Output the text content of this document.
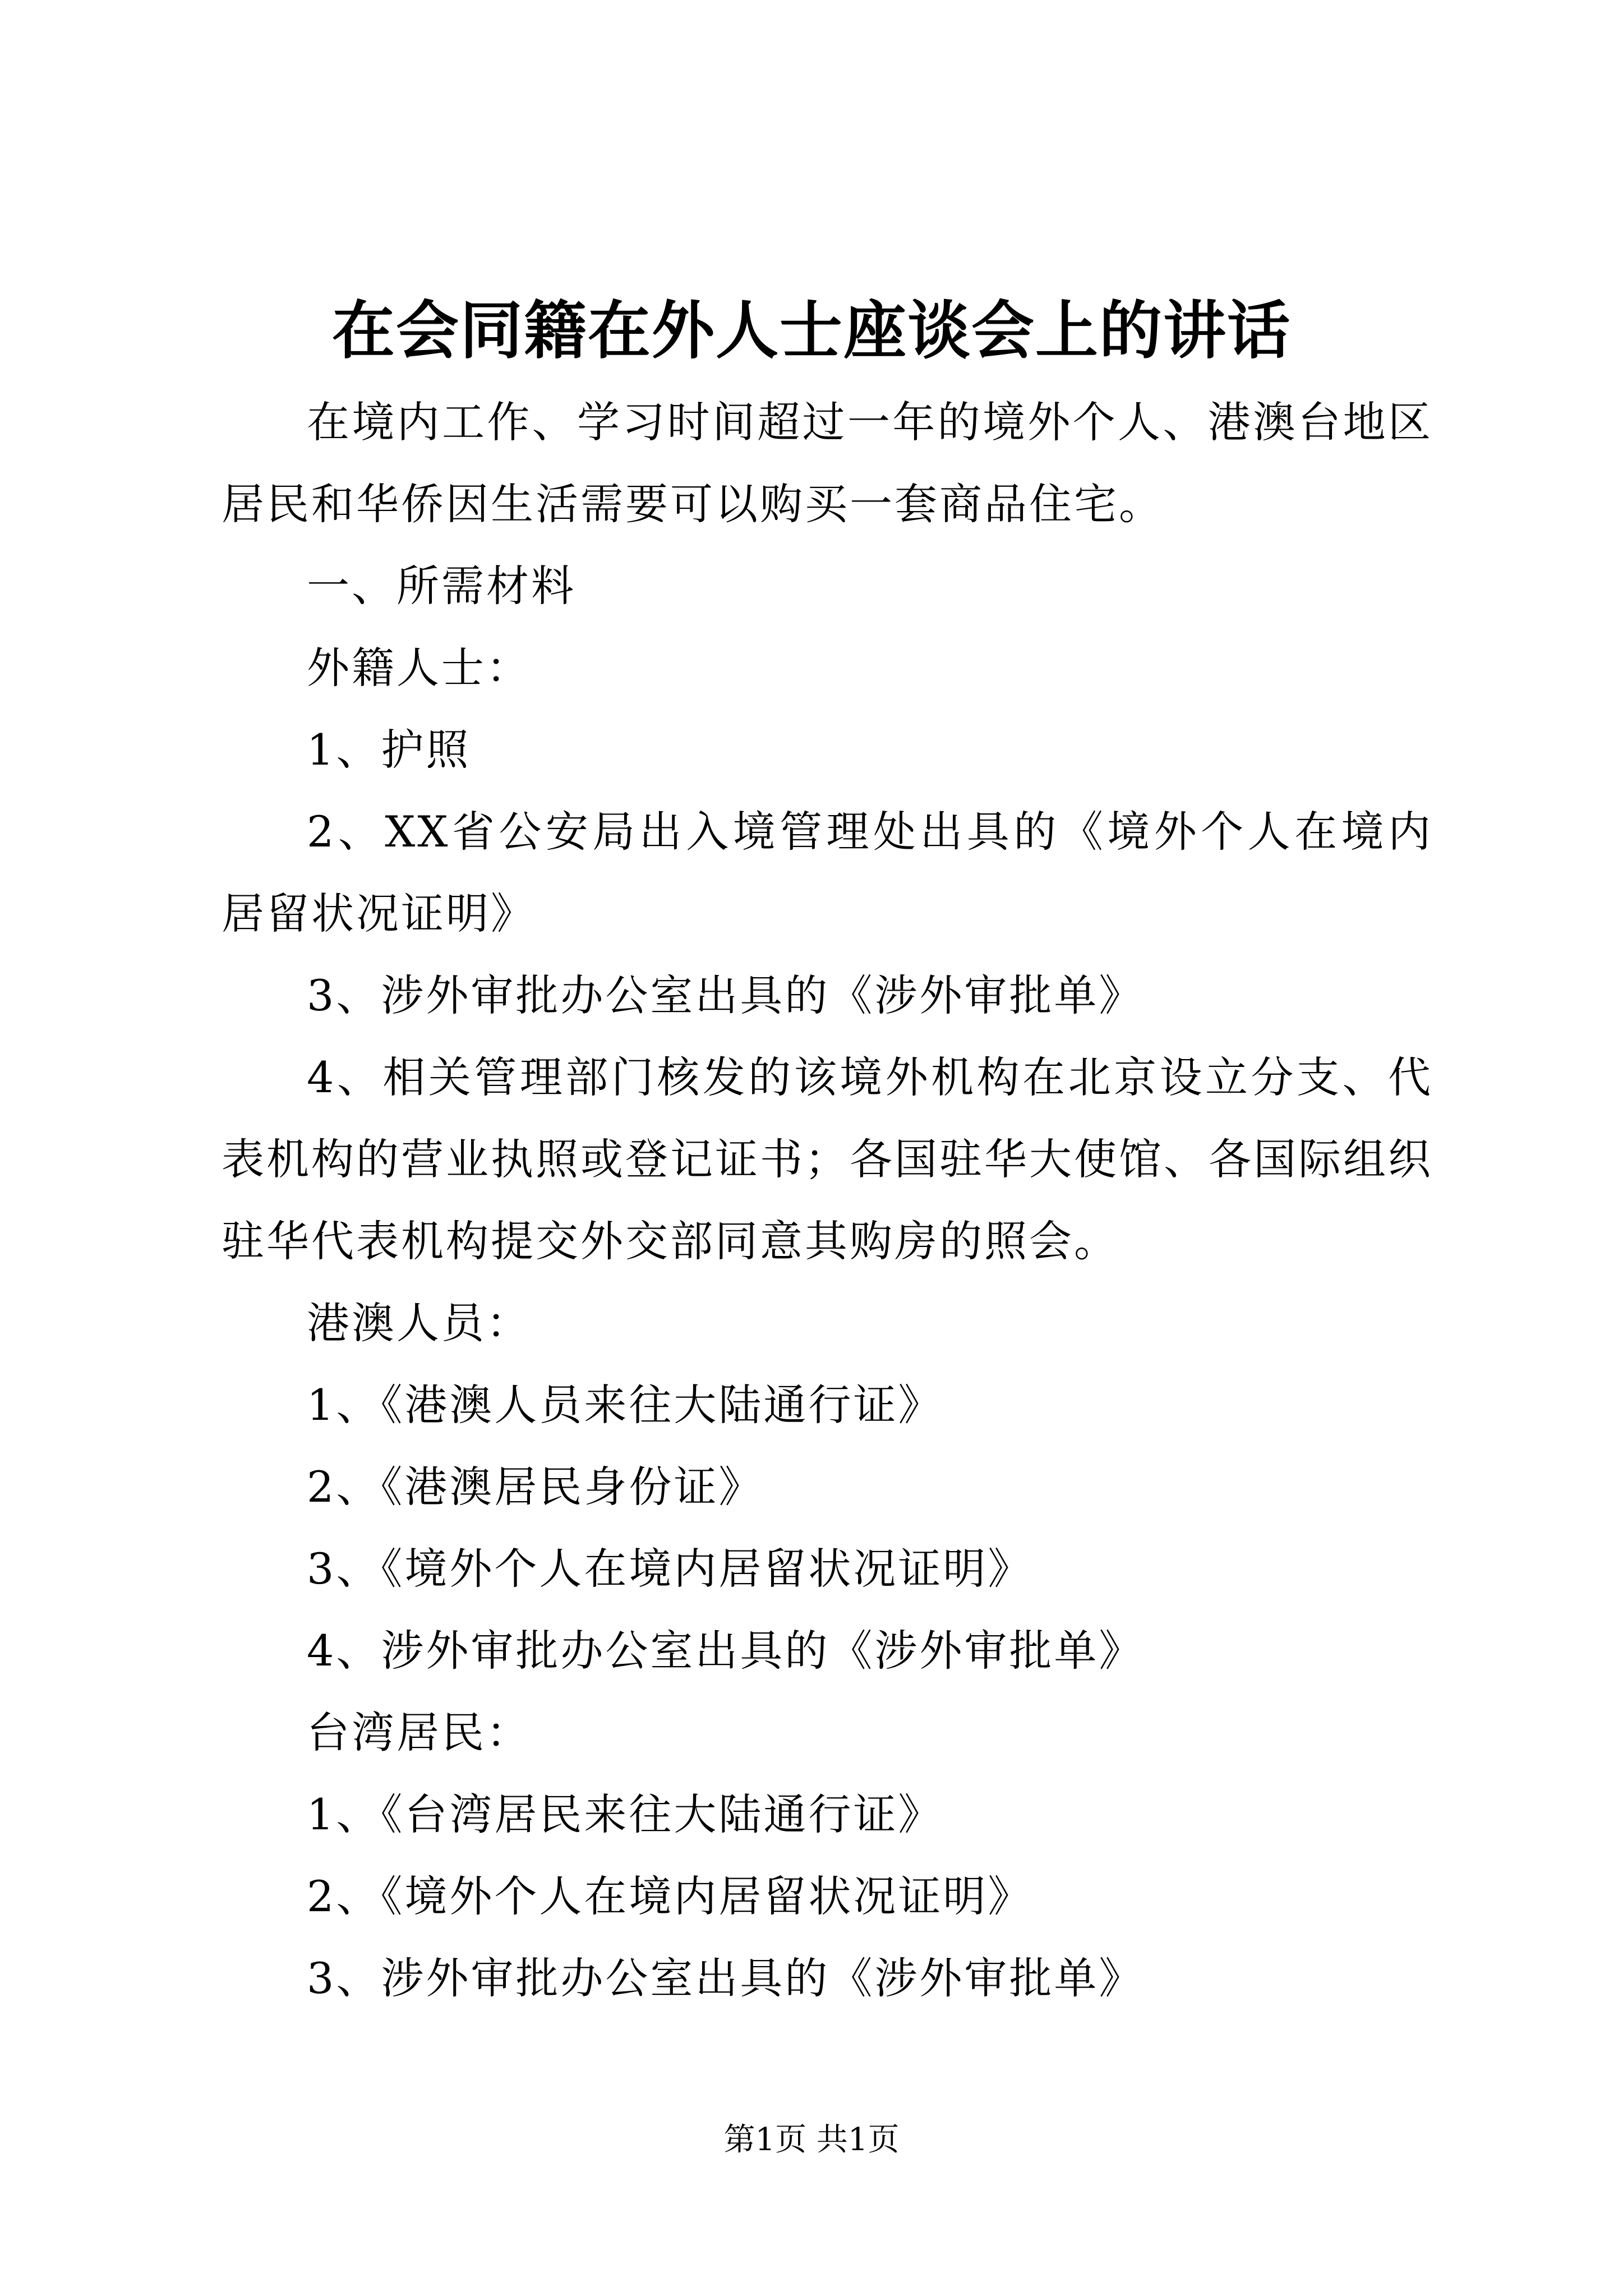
在会同籍在外人士座谈会上的讲话

在境内工作、学习时间超过一年的境外个人、港澳台地区居民和华侨因生活需要可以购买一套商品住宅。

一、所需材料

外籍人士：

1、护照

2、XX省公安局出入境管理处出具的《境外个人在境内居留状况证明》

3、涉外审批办公室出具的《涉外审批单》

4、相关管理部门核发的该境外机构在北京设立分支、代表机构的营业执照或登记证书；各国驻华大使馆、各国际组织驻华代表机构提交外交部同意其购房的照会。

港澳人员：

1、《港澳人员来往大陆通行证》

2、《港澳居民身份证》

3、《境外个人在境内居留状况证明》

4、涉外审批办公室出具的《涉外审批单》

台湾居民：

1、《台湾居民来往大陆通行证》

2、《境外个人在境内居留状况证明》

3、涉外审批办公室出具的《涉外审批单》

第1页 共1页
